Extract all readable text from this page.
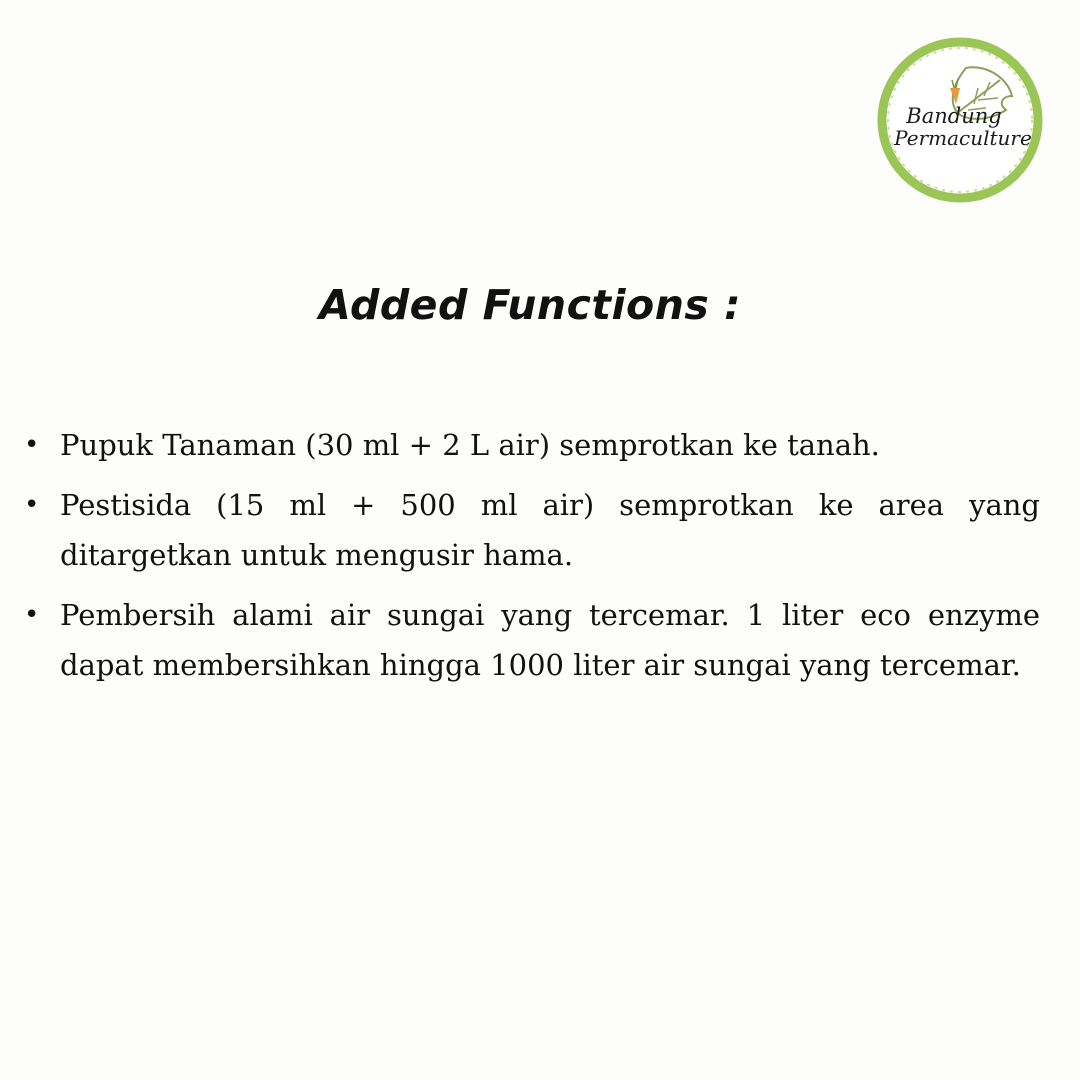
Bandung
Permaculture
Added Functions :
• Pupuk Tanaman (30 ml + 2 L air) semprotkan ke tanah.
• Pestisida (15 ml + 500 ml air) semprotkan ke area yang ditargetkan untuk mengusir hama.
• Pembersih alami air sungai yang tercemar. 1 liter eco enzyme dapat membersihkan hingga 1000 liter air sungai yang tercemar.
